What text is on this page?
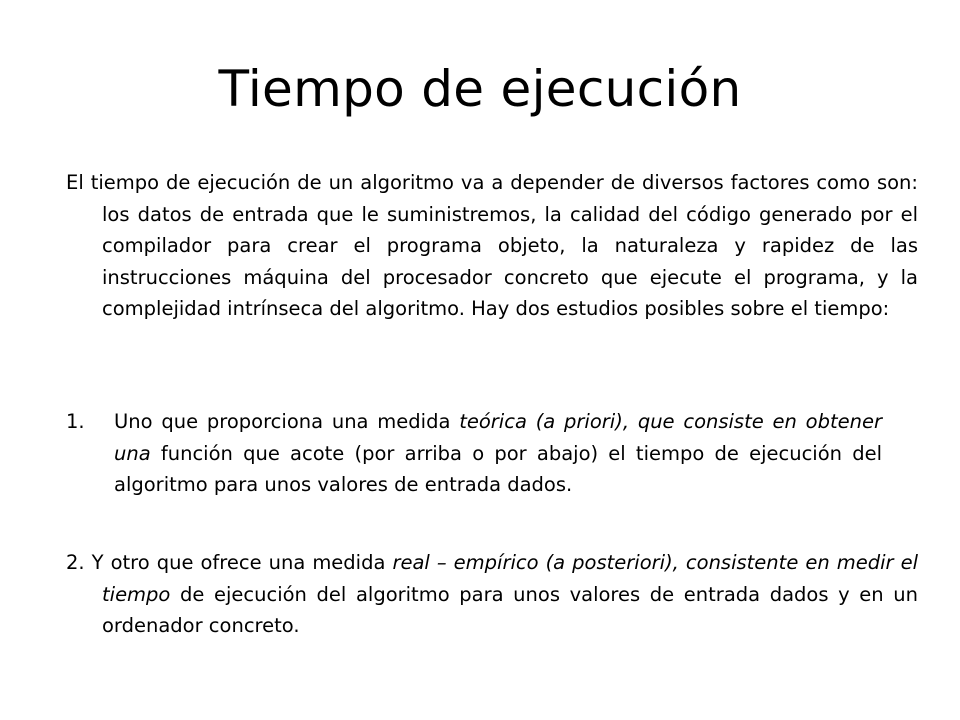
Tiempo de ejecución

El tiempo de ejecución de un algoritmo va a depender de diversos factores como son: los datos de entrada que le suministremos, la calidad del código generado por el compilador para crear el programa objeto, la naturaleza y rapidez de las instrucciones máquina del procesador concreto que ejecute el programa, y la complejidad intrínseca del algoritmo. Hay dos estudios posibles sobre el tiempo:

1.	Uno que proporciona una medida teórica (a priori), que consiste en obtener una función que acote (por arriba o por abajo) el tiempo de ejecución del algoritmo para unos valores de entrada dados.

2. Y otro que ofrece una medida real – empírico (a posteriori), consistente en medir el tiempo de ejecución del algoritmo para unos valores de entrada dados y en un ordenador concreto.
